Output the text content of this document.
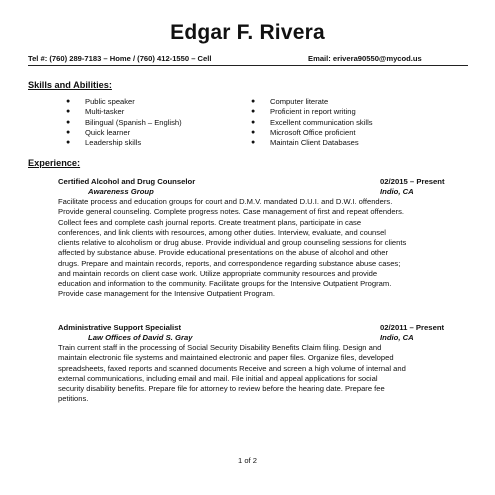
Edgar F. Rivera
Tel #: (760) 289-7183 – Home / (760) 412-1550 – Cell	Email: erivera90550@mycod.us
Skills and Abilities:
● Public speaker
● Multi-tasker
● Bilingual (Spanish – English)
● Quick learner
● Leadership skills
● Computer literate
● Proficient in report writing
● Excellent communication skills
● Microsoft Office proficient
● Maintain Client Databases
Experience:
Certified Alcohol and Drug Counselor	02/2015 – Present
Awareness Group	Indio, CA

Facilitate process and education groups for court and D.M.V. mandated D.U.I. and D.W.I. offenders.
Provide general counseling. Complete progress notes. Case management of first and repeat offenders.
Collect fees and complete cash journal reports. Create treatment plans, participate in case
conferences, and link clients with resources, among other duties. Interview, evaluate, and counsel
clients relative to alcoholism or drug abuse. Provide individual and group counseling sessions for clients
affected by substance abuse. Provide educational presentations on the abuse of alcohol and other
drugs. Prepare and maintain records, reports, and correspondence regarding substance abuse cases;
and maintain records on client case work. Utilize appropriate community resources and provide
education and information to the community. Facilitate groups for the Intensive Outpatient Program.
Provide case management for the Intensive Outpatient Program.

Administrative Support Specialist	02/2011 – Present
Law Offices of David S. Gray	Indio, CA

Train current staff in the processing of Social Security Disability Benefits Claim filing. Design and
maintain electronic file systems and maintained electronic and paper files. Organize files, developed
spreadsheets, faxed reports and scanned documents Receive and screen a high volume of internal and
external communications, including email and mail. File initial and appeal applications for social
security disability benefits. Prepare file for attorney to review before the hearing date. Prepare fee
petitions.

1 of 2
